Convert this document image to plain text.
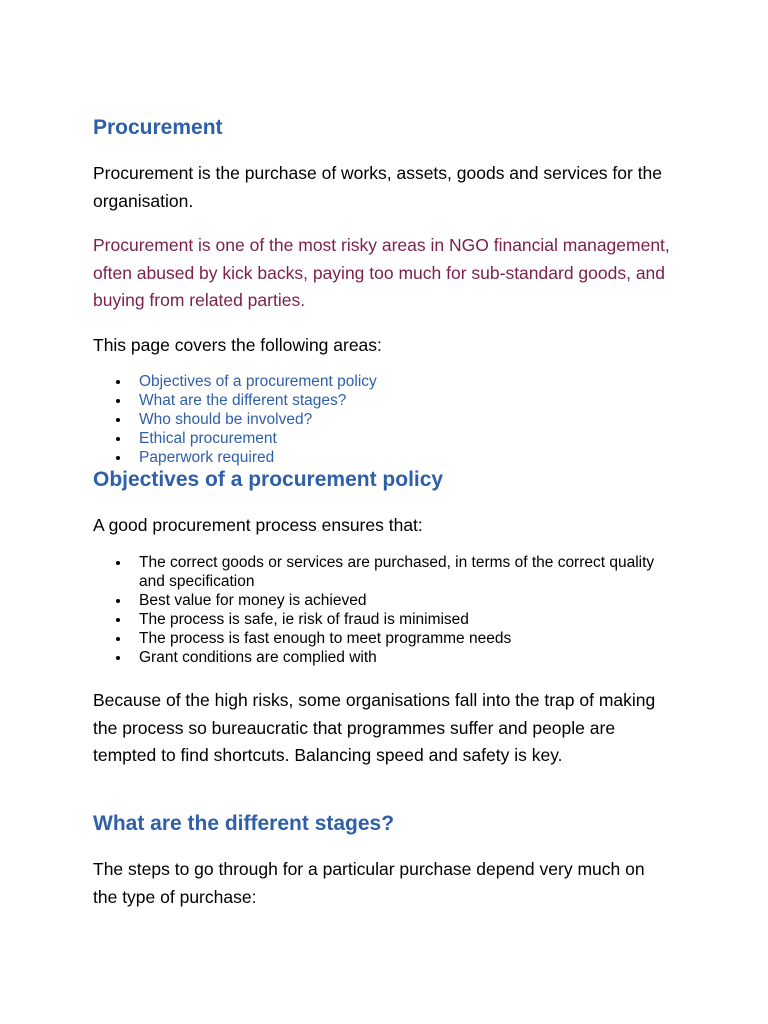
Procurement

Procurement is the purchase of works, assets, goods and services for the organisation.

Procurement is one of the most risky areas in NGO financial management, often abused by kick backs, paying too much for sub-standard goods, and buying from related parties.

This page covers the following areas:

Objectives of a procurement policy
What are the different stages?
Who should be involved?
Ethical procurement
Paperwork required
Objectives of a procurement policy

A good procurement process ensures that:

The correct goods or services are purchased, in terms of the correct quality and specification
Best value for money is achieved
The process is safe, ie risk of fraud is minimised
The process is fast enough to meet programme needs
Grant conditions are complied with

Because of the high risks, some organisations fall into the trap of making the process so bureaucratic that programmes suffer and people are tempted to find shortcuts. Balancing speed and safety is key.

What are the different stages?

The steps to go through for a particular purchase depend very much on the type of purchase:
